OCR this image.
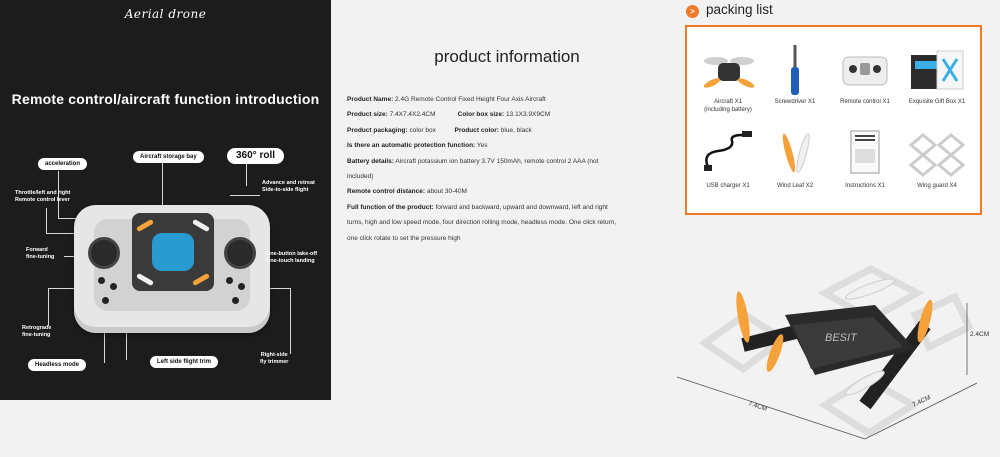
Aerial drone
Remote control/aircraft function introduction
acceleration
Aircraft storage bay	360° roll
Throttle/left and right
Remote control lever
Advance and retreat
Side-to-side flight
Forward
fine-tuning
One-button take-off
One-touch landing
Retrograde
fine-tuning
Headless mode	Left side flight trim
Right-side
fly trimmer
product information
Product Name: 2.4G Remote Control Fixed Height Four Axis Aircraft
Product size: 7.4X7.4X2.4CM	Color box size: 13.1X3.9X9CM
Product packaging: color box	Product color: blue, black
Is there an automatic protection function: Yes
Battery details: Aircraft potassium ion battery 3.7V 150mAh, remote control 2 AAA (not
included)
Remote control distance: about 30-40M
Full function of the product: forward and backward, upward and downward, left and right
turns, high and low speed mode, four direction rolling mode, headless mode. One click return,
one click rotate to set the pressure high
> packing list
Aircraft X1
(including battery)
Screwdriver X1	Remote control X1	Exquisite Gift Box X1
USB charger X1	Wind Leaf X2	Instructions X1	Wing guard X4
BESIT	2.4CM
7.4CM	7.4CM
